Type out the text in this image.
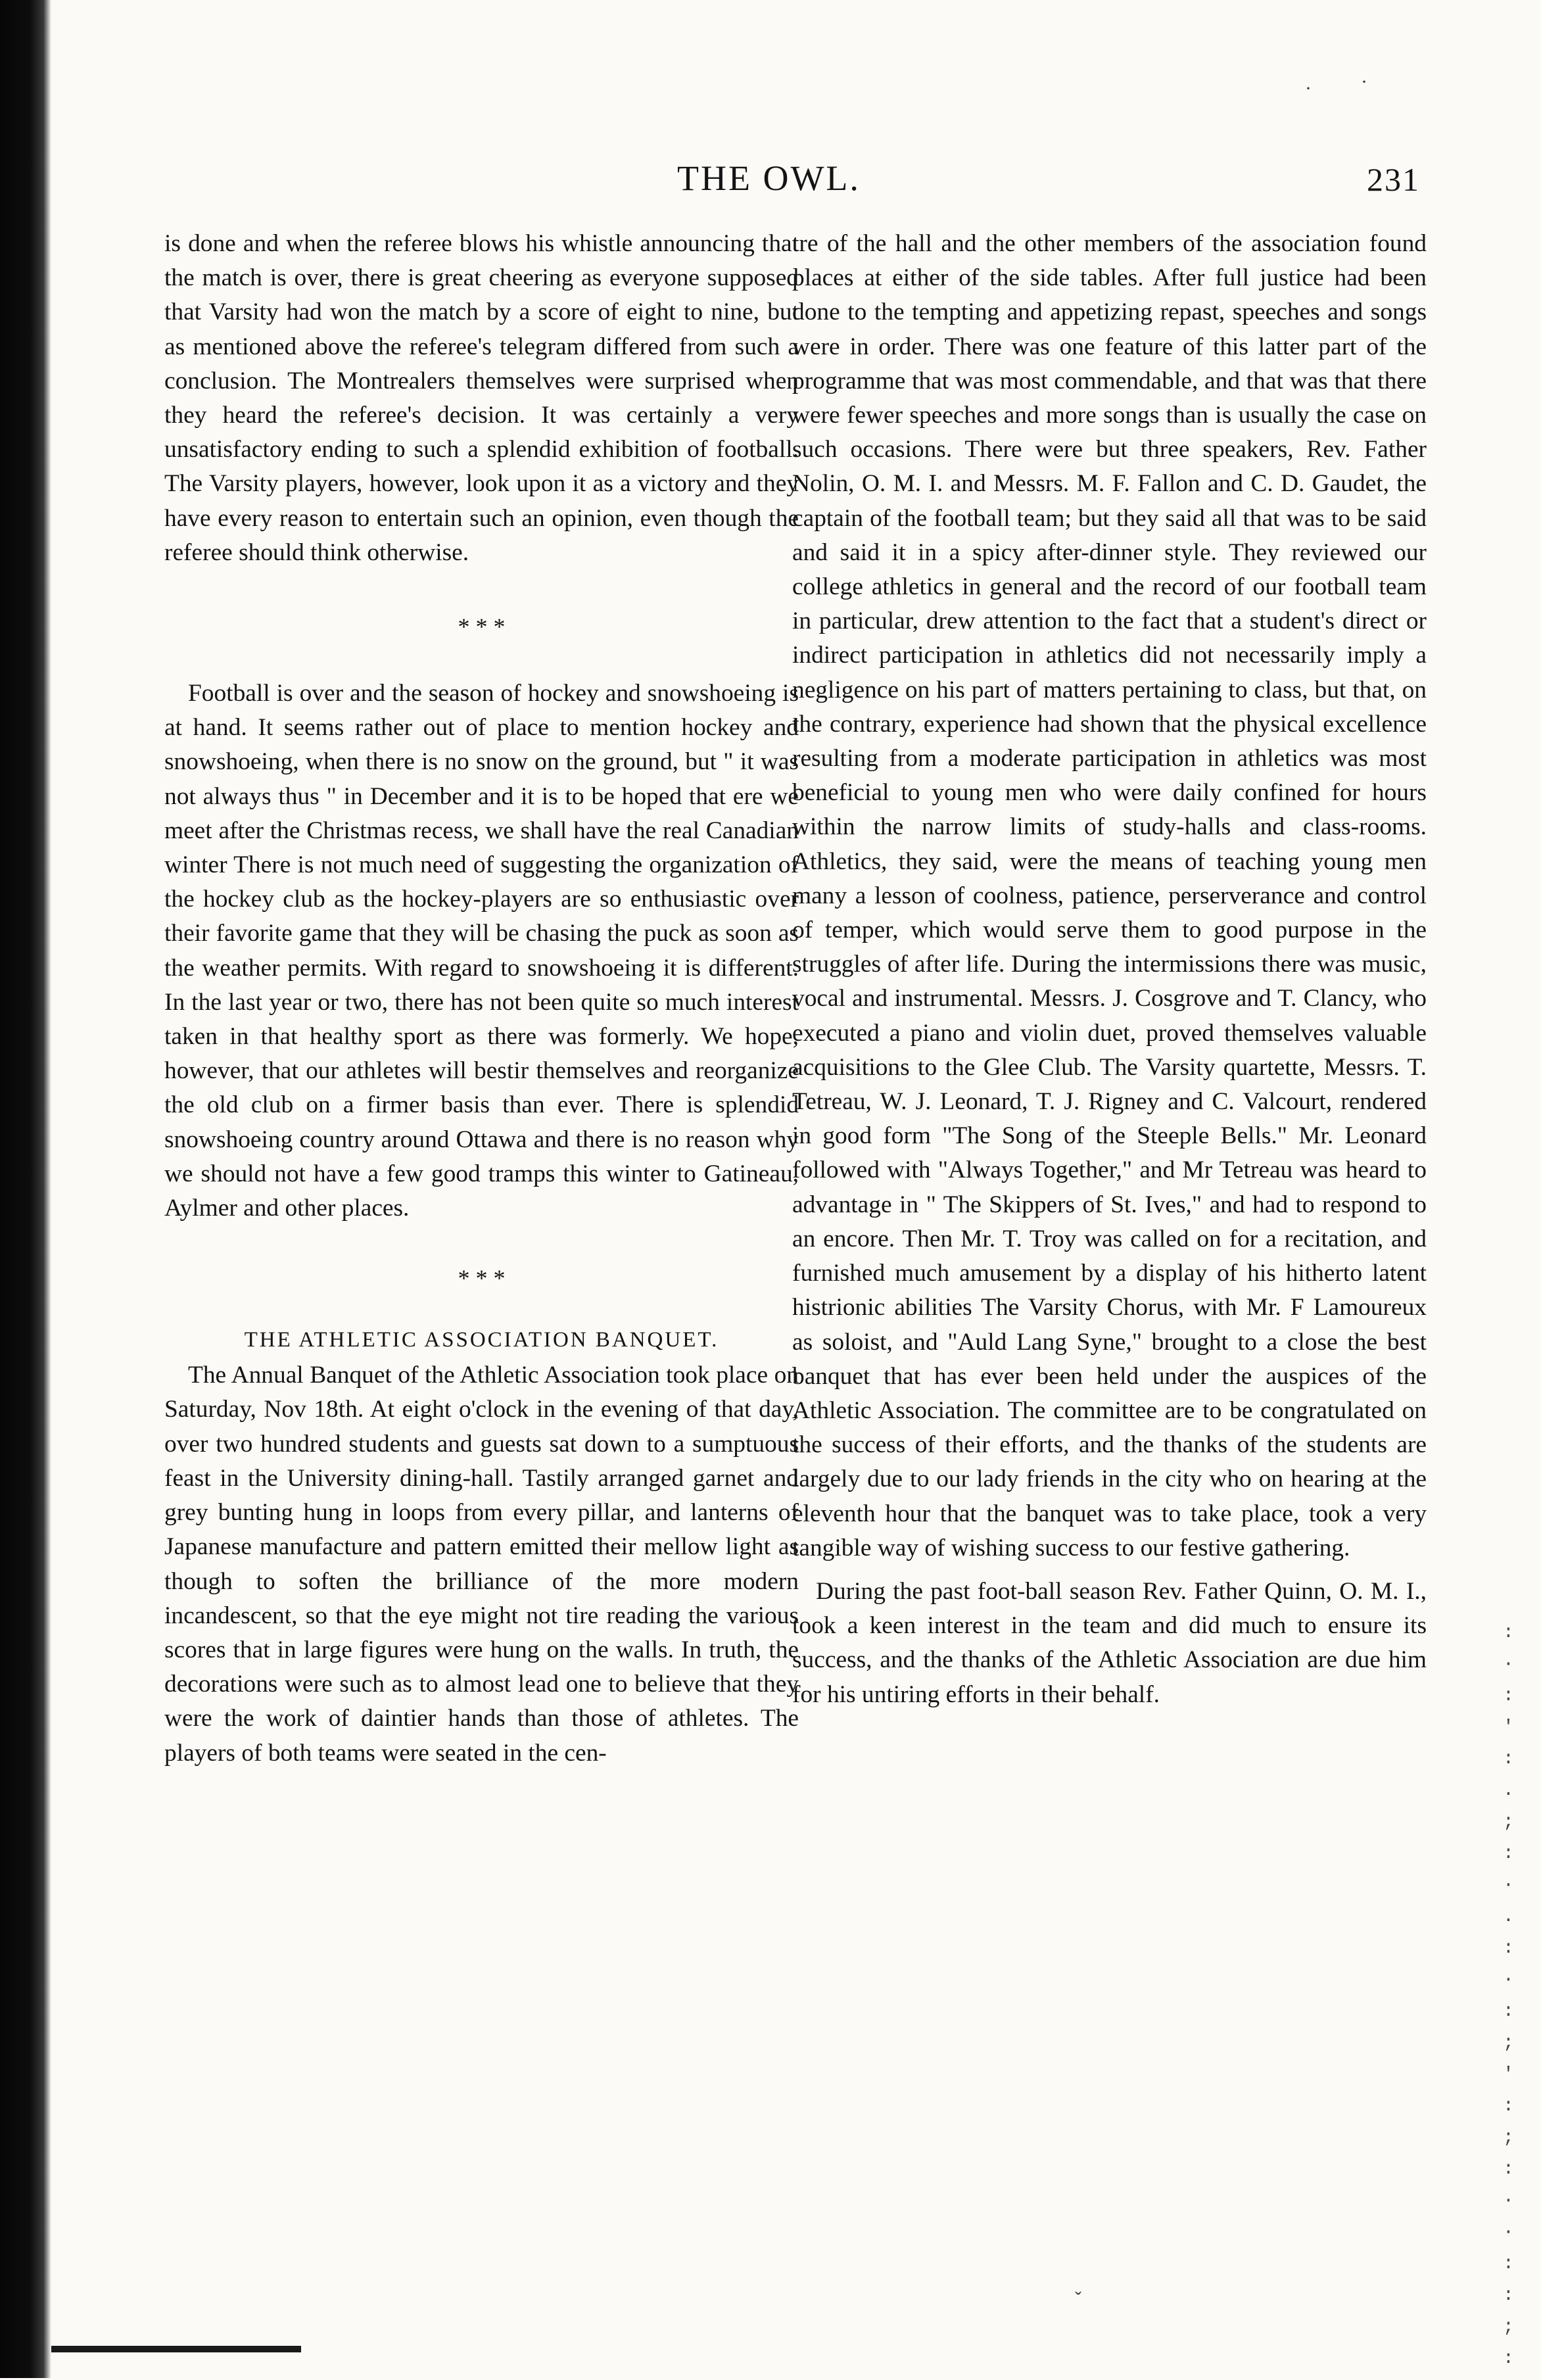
·	·
ˇ
:
·
:
'
:
.
;
:
·
.
:
·
:
;
'
:
;
:
·
·
:
:
;
:
THE OWL.	231

is done and when the referee blows his whistle announcing that the match is over, there is great cheering as everyone supposed that Varsity had won the match by a score of eight to nine, but as mentioned above the referee's telegram differed from such a conclusion. The Montrealers themselves were surprised when they heard the referee's decision. It was certainly a very unsatisfactory ending to such a splendid exhibition of football. The Varsity players, however, look upon it as a victory and they have every reason to entertain such an opinion, even though the referee should think otherwise.

* * *

Football is over and the season of hockey and snowshoeing is at hand. It seems rather out of place to mention hockey and snowshoeing, when there is no snow on the ground, but " it was not always thus " in December and it is to be hoped that ere we meet after the Christmas recess, we shall have the real Canadian winter There is not much need of suggesting the organization of the hockey club as the hockey-players are so enthusiastic over their favorite game that they will be chasing the puck as soon as the weather permits. With regard to snowshoeing it is different. In the last year or two, there has not been quite so much interest taken in that healthy sport as there was formerly. We hope, however, that our athletes will bestir themselves and reorganize the old club on a firmer basis than ever. There is splendid snowshoeing country around Ottawa and there is no reason why we should not have a few good tramps this winter to Gatineau, Aylmer and other places.

* * *
THE ATHLETIC ASSOCIATION BANQUET.

The Annual Banquet of the Athletic Association took place on Saturday, Nov 18th. At eight o'clock in the evening of that day, over two hundred students and guests sat down to a sumptuous feast in the University dining-hall. Tastily arranged garnet and grey bunting hung in loops from every pillar, and lanterns of Japanese manufacture and pattern emitted their mellow light as though to soften the brilliance of the more modern incandescent, so that the eye might not tire reading the various scores that in large figures were hung on the walls. In truth, the decorations were such as to almost lead one to believe that they were the work of daintier hands than those of athletes. The players of both teams were seated in the cen-

tre of the hall and the other members of the association found places at either of the side tables. After full justice had been done to the tempting and appetizing repast, speeches and songs were in order. There was one feature of this latter part of the programme that was most commendable, and that was that there were fewer speeches and more songs than is usually the case on such occasions. There were but three speakers, Rev. Father Nolin, O. M. I. and Messrs. M. F. Fallon and C. D. Gaudet, the captain of the football team; but they said all that was to be said and said it in a spicy after-dinner style. They reviewed our college athletics in general and the record of our football team in particular, drew attention to the fact that a student's direct or indirect participation in athletics did not necessarily imply a negligence on his part of matters pertaining to class, but that, on the contrary, experience had shown that the physical excellence resulting from a moderate participation in athletics was most beneficial to young men who were daily confined for hours within the narrow limits of study-halls and class-rooms. Athletics, they said, were the means of teaching young men many a lesson of coolness, patience, perserverance and control of temper, which would serve them to good purpose in the struggles of after life. During the intermissions there was music, vocal and instrumental. Messrs. J. Cosgrove and T. Clancy, who executed a piano and violin duet, proved themselves valuable acquisitions to the Glee Club. The Varsity quartette, Messrs. T. Tetreau, W. J. Leonard, T. J. Rigney and C. Valcourt, rendered in good form "The Song of the Steeple Bells." Mr. Leonard followed with "Always Together," and Mr Tetreau was heard to advantage in " The Skippers of St. Ives," and had to respond to an encore. Then Mr. T. Troy was called on for a recitation, and furnished much amusement by a display of his hitherto latent histrionic abilities The Varsity Chorus, with Mr. F Lamoureux as soloist, and "Auld Lang Syne," brought to a close the best banquet that has ever been held under the auspices of the Athletic Association. The committee are to be congratulated on the success of their efforts, and the thanks of the students are largely due to our lady friends in the city who on hearing at the eleventh hour that the banquet was to take place, took a very tangible way of wishing success to our festive gathering.

During the past foot-ball season Rev. Father Quinn, O. M. I., took a keen interest in the team and did much to ensure its success, and the thanks of the Athletic Association are due him for his untiring efforts in their behalf.
